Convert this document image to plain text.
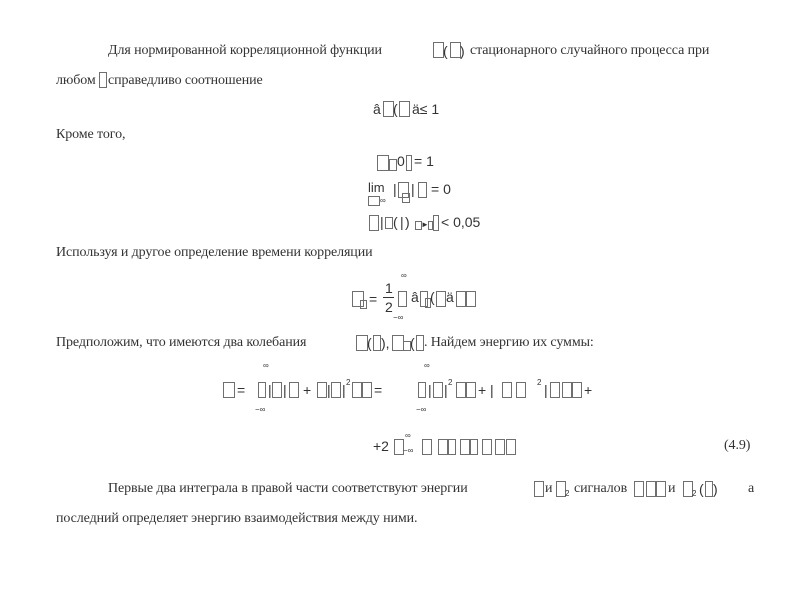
Для нормированной корреляционной функции	( ) стационарного случайного процесса при
любом справедливо соотношение
â ( ä≤ 1
Кроме того,
0 = 1
lim
∞
| | = 0
| ( | ) ► < 0,05
Используя и другое определение времени корреляции
∞
=
1
2
â ( ä
−∞
Предположим, что имеются два колебания	( ), ( . Найдем энергию их суммы:
∞	∞
= | | + | | 2 =	| | 2 + |	2 |	+
−∞	−∞
+2
∞
−∞	(4.9)
Первые два интеграла в правой части соответствуют энергии	и 2 сигналов	и 2 ( ) а
последний определяет энергию взаимодействия между ними.
